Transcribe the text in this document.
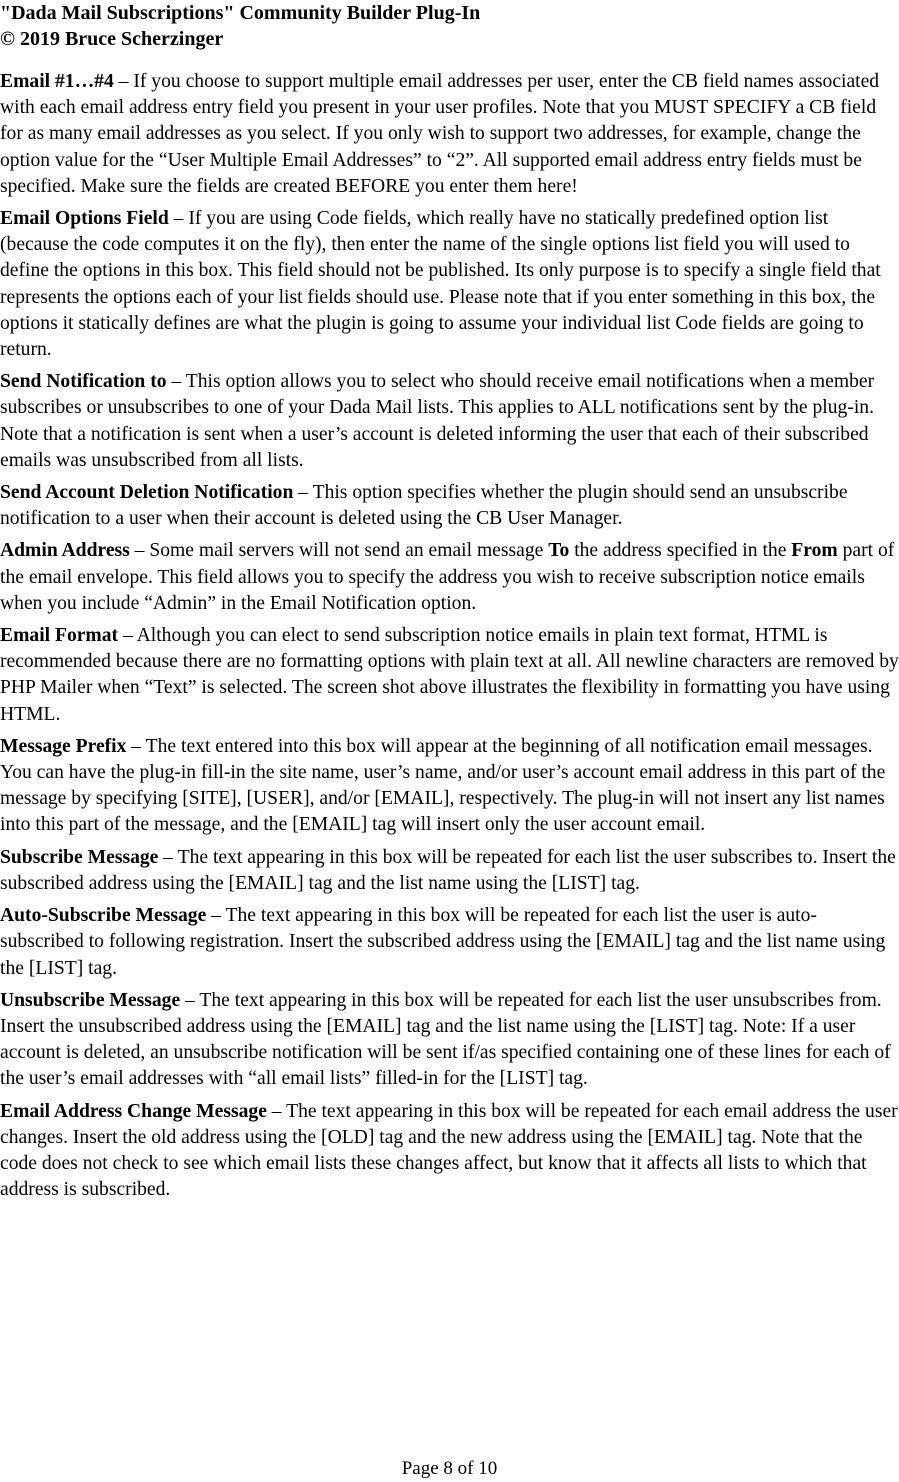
"Dada Mail Subscriptions" Community Builder Plug-In
© 2019 Bruce Scherzinger

Email #1…#4 – If you choose to support multiple email addresses per user, enter the CB field names associated with each email address entry field you present in your user profiles. Note that you MUST SPECIFY a CB field for as many email addresses as you select. If you only wish to support two addresses, for example, change the option value for the “User Multiple Email Addresses” to “2”. All supported email address entry fields must be specified. Make sure the fields are created BEFORE you enter them here!

Email Options Field – If you are using Code fields, which really have no statically predefined option list (because the code computes it on the fly), then enter the name of the single options list field you will used to define the options in this box. This field should not be published. Its only purpose is to specify a single field that represents the options each of your list fields should use. Please note that if you enter something in this box, the options it statically defines are what the plugin is going to assume your individual list Code fields are going to return.

Send Notification to – This option allows you to select who should receive email notifications when a member subscribes or unsubscribes to one of your Dada Mail lists. This applies to ALL notifications sent by the plug-in. Note that a notification is sent when a user’s account is deleted informing the user that each of their subscribed emails was unsubscribed from all lists.

Send Account Deletion Notification – This option specifies whether the plugin should send an unsubscribe notification to a user when their account is deleted using the CB User Manager.

Admin Address – Some mail servers will not send an email message To the address specified in the From part of the email envelope. This field allows you to specify the address you wish to receive subscription notice emails when you include “Admin” in the Email Notification option.

Email Format – Although you can elect to send subscription notice emails in plain text format, HTML is recommended because there are no formatting options with plain text at all. All newline characters are removed by PHP Mailer when “Text” is selected. The screen shot above illustrates the flexibility in formatting you have using HTML.

Message Prefix – The text entered into this box will appear at the beginning of all notification email messages. You can have the plug-in fill-in the site name, user’s name, and/or user’s account email address in this part of the message by specifying [SITE], [USER], and/or [EMAIL], respectively. The plug-in will not insert any list names into this part of the message, and the [EMAIL] tag will insert only the user account email.

Subscribe Message – The text appearing in this box will be repeated for each list the user subscribes to. Insert the subscribed address using the [EMAIL] tag and the list name using the [LIST] tag.

Auto-Subscribe Message – The text appearing in this box will be repeated for each list the user is auto-subscribed to following registration. Insert the subscribed address using the [EMAIL] tag and the list name using the [LIST] tag.

Unsubscribe Message – The text appearing in this box will be repeated for each list the user unsubscribes from. Insert the unsubscribed address using the [EMAIL] tag and the list name using the [LIST] tag. Note: If a user account is deleted, an unsubscribe notification will be sent if/as specified containing one of these lines for each of the user’s email addresses with “all email lists” filled-in for the [LIST] tag.

Email Address Change Message – The text appearing in this box will be repeated for each email address the user changes. Insert the old address using the [OLD] tag and the new address using the [EMAIL] tag. Note that the code does not check to see which email lists these changes affect, but know that it affects all lists to which that address is subscribed.

Page 8 of 10
